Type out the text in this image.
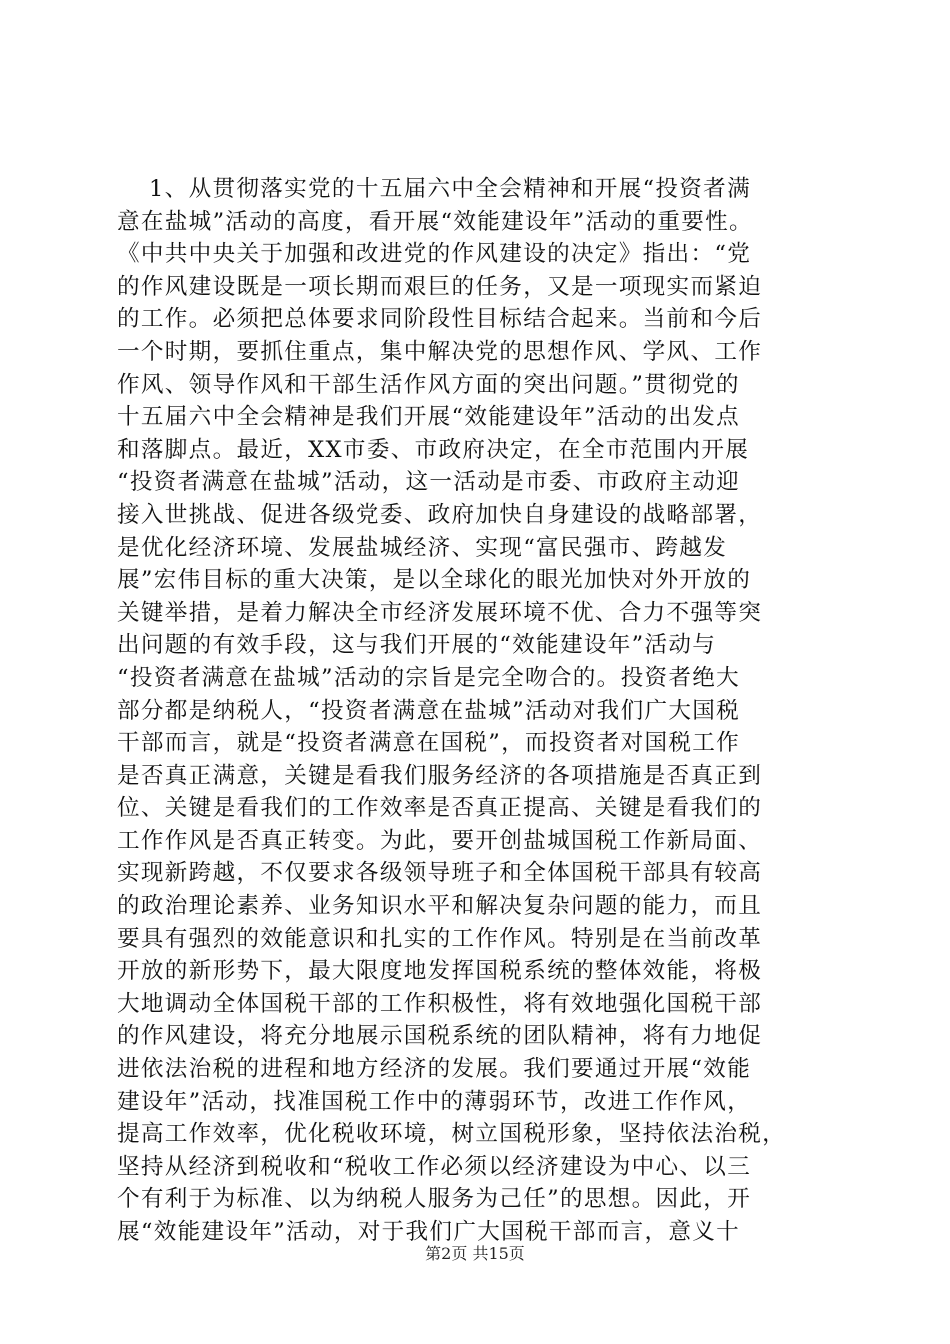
1、从贯彻落实党的十五届六中全会精神和开展“投资者满
意在盐城”活动的高度，看开展“效能建设年”活动的重要性。
《中共中央关于加强和改进党的作风建设的决定》指出：“党
的作风建设既是一项长期而艰巨的任务，又是一项现实而紧迫
的工作。必须把总体要求同阶段性目标结合起来。当前和今后
一个时期，要抓住重点，集中解决党的思想作风、学风、工作
作风、领导作风和干部生活作风方面的突出问题。”贯彻党的
十五届六中全会精神是我们开展“效能建设年”活动的出发点
和落脚点。最近，XX市委、市政府决定，在全市范围内开展
“投资者满意在盐城”活动，这一活动是市委、市政府主动迎
接入世挑战、促进各级党委、政府加快自身建设的战略部署，
是优化经济环境、发展盐城经济、实现“富民强市、跨越发
展”宏伟目标的重大决策，是以全球化的眼光加快对外开放的
关键举措，是着力解决全市经济发展环境不优、合力不强等突
出问题的有效手段，这与我们开展的“效能建设年”活动与
“投资者满意在盐城”活动的宗旨是完全吻合的。投资者绝大
部分都是纳税人，“投资者满意在盐城”活动对我们广大国税
干部而言，就是“投资者满意在国税”，而投资者对国税工作
是否真正满意，关键是看我们服务经济的各项措施是否真正到
位、关键是看我们的工作效率是否真正提高、关键是看我们的
工作作风是否真正转变。为此，要开创盐城国税工作新局面、
实现新跨越，不仅要求各级领导班子和全体国税干部具有较高
的政治理论素养、业务知识水平和解决复杂问题的能力，而且
要具有强烈的效能意识和扎实的工作作风。特别是在当前改革
开放的新形势下，最大限度地发挥国税系统的整体效能，将极
大地调动全体国税干部的工作积极性，将有效地强化国税干部
的作风建设，将充分地展示国税系统的团队精神，将有力地促
进依法治税的进程和地方经济的发展。我们要通过开展“效能
建设年”活动，找准国税工作中的薄弱环节，改进工作作风，
提高工作效率，优化税收环境，树立国税形象，坚持依法治税，
坚持从经济到税收和“税收工作必须以经济建设为中心、以三
个有利于为标准、以为纳税人服务为己任”的思想。因此，开
展“效能建设年”活动，对于我们广大国税干部而言，意义十
第2页 共15页
